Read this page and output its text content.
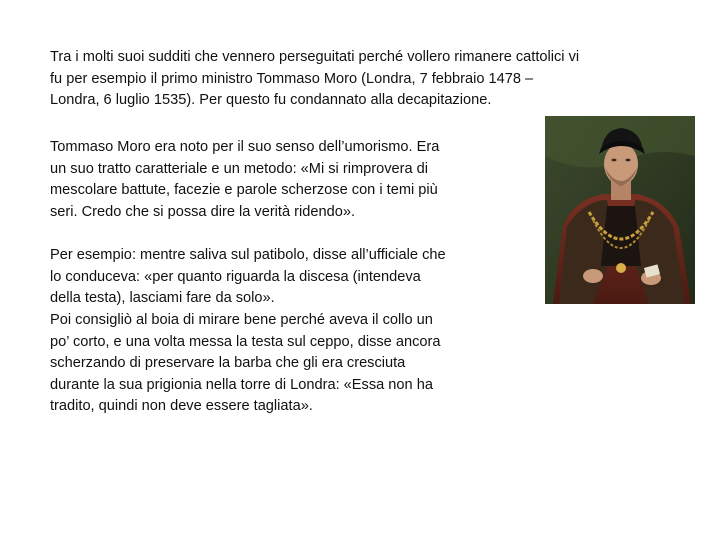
Tra i molti suoi sudditi che vennero perseguitati perché vollero rimanere cattolici vi
fu per esempio il primo ministro Tommaso Moro (Londra, 7 febbraio 1478 –
Londra, 6 luglio 1535). Per questo fu condannato alla decapitazione.

Tommaso Moro era noto per il suo senso dell’umorismo. Era
un suo tratto caratteriale e un metodo: «Mi si rimprovera di
mescolare battute, facezie e parole scherzose con i temi più
seri. Credo che si possa dire la verità ridendo».

Per esempio: mentre saliva sul patibolo, disse all’ufficiale che
lo conduceva: «per quanto riguarda la discesa (intendeva
della testa), lasciami fare da solo».

Poi consigliò al boia di mirare bene perché aveva il collo un
po’ corto, e una volta messa la testa sul ceppo, disse ancora
scherzando di preservare la barba che gli era cresciuta
durante la sua prigionia nella torre di Londra: «Essa non ha
tradito, quindi non deve essere tagliata».
